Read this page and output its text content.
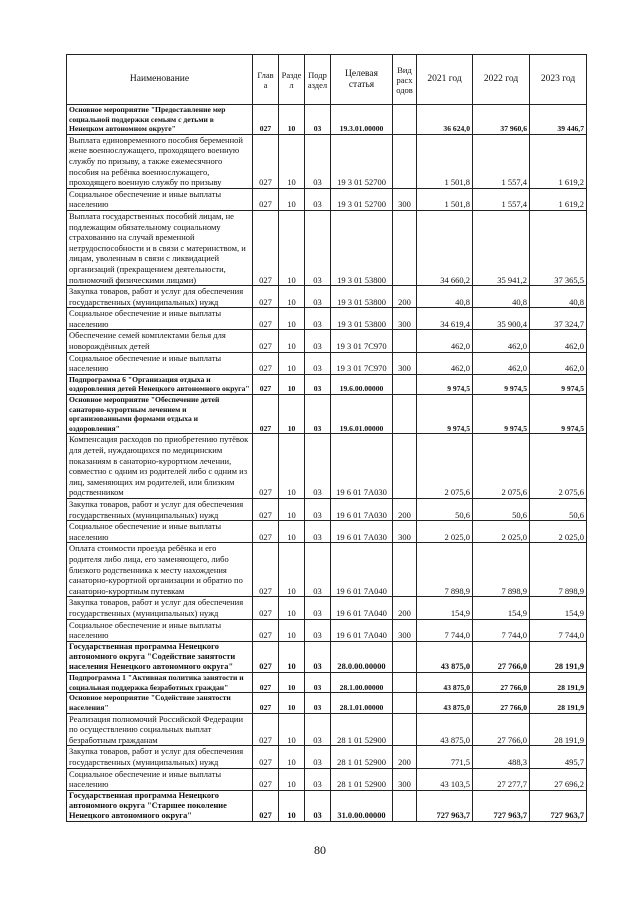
Наименование	Глав а	Разде л	Подр аздел	Целевая статья	Вид расх одов	2021 год	2022 год	2023 год
Основное мероприятие "Предоставление мер социальной поддержки семьям с детьми в Ненецком автономном округе"	027	10	03	19.3.01.00000		36 624,0	37 960,6	39 446,7
Выплата единовременного пособия беременной жене военнослужащего, проходящего военную службу по призыву, а также ежемесячного пособия на ребёнка военнослужащего, проходящего военную службу по призыву	027	10	03	19 3 01 52700		1 501,8	1 557,4	1 619,2
Социальное обеспечение и иные выплаты населению	027	10	03	19 3 01 52700	300	1 501,8	1 557,4	1 619,2
Выплата государственных пособий лицам, не подлежащим обязательному социальному страхованию на случай временной нетрудоспособности и в связи с материнством, и лицам, уволенным в связи с ликвидацией организаций (прекращением деятельности, полномочий физическими лицами)	027	10	03	19 3 01 53800		34 660,2	35 941,2	37 365,5
Закупка товаров, работ и услуг для обеспечения государственных (муниципальных) нужд	027	10	03	19 3 01 53800	200	40,8	40,8	40,8
Социальное обеспечение и иные выплаты населению	027	10	03	19 3 01 53800	300	34 619,4	35 900,4	37 324,7
Обеспечение семей комплектами белья для новорождённых детей	027	10	03	19 3 01 7С970		462,0	462,0	462,0
Социальное обеспечение и иные выплаты населению	027	10	03	19 3 01 7С970	300	462,0	462,0	462,0
Подпрограмма 6 "Организация отдыха и оздоровления детей Ненецкого автономного округа"	027	10	03	19.6.00.00000		9 974,5	9 974,5	9 974,5
Основное мероприятие "Обеспечение детей санаторно-курортным лечением и организованными формами отдыха и оздоровления"	027	10	03	19.6.01.00000		9 974,5	9 974,5	9 974,5
Компенсация расходов по приобретению путёвок для детей, нуждающихся по медицинским показаниям в санаторно-курортном лечении, совместно с одним из родителей либо с одним из лиц, заменяющих им родителей, или близким родственником	027	10	03	19 6 01 7А030		2 075,6	2 075,6	2 075,6
Закупка товаров, работ и услуг для обеспечения государственных (муниципальных) нужд	027	10	03	19 6 01 7А030	200	50,6	50,6	50,6
Социальное обеспечение и иные выплаты населению	027	10	03	19 6 01 7А030	300	2 025,0	2 025,0	2 025,0
Оплата стоимости проезда ребёнка и его родителя либо лица, его заменяющего, либо близкого родственника к месту нахождения санаторно-курортной организации и обратно по санаторно-курортным путевкам	027	10	03	19 6 01 7А040		7 898,9	7 898,9	7 898,9
Закупка товаров, работ и услуг для обеспечения государственных (муниципальных) нужд	027	10	03	19 6 01 7А040	200	154,9	154,9	154,9
Социальное обеспечение и иные выплаты населению	027	10	03	19 6 01 7А040	300	7 744,0	7 744,0	7 744,0
Государственная программа Ненецкого автономного округа "Содействие занятости населения Ненецкого автономного округа"	027	10	03	28.0.00.00000		43 875,0	27 766,0	28 191,9
Подпрограмма 1 "Активная политика занятости и социальная поддержка безработных граждан"	027	10	03	28.1.00.00000		43 875,0	27 766,0	28 191,9
Основное мероприятие "Содействие занятости населения"	027	10	03	28.1.01.00000		43 875,0	27 766,0	28 191,9
Реализация полномочий Российской Федерации по осуществлению социальных выплат безработным гражданам	027	10	03	28 1 01 52900		43 875,0	27 766,0	28 191,9
Закупка товаров, работ и услуг для обеспечения государственных (муниципальных) нужд	027	10	03	28 1 01 52900	200	771,5	488,3	495,7
Социальное обеспечение и иные выплаты населению	027	10	03	28 1 01 52900	300	43 103,5	27 277,7	27 696,2
Государственная программа Ненецкого автономного округа "Старшее поколение Ненецкого автономного округа"	027	10	03	31.0.00.00000		727 963,7	727 963,7	727 963,7
80
